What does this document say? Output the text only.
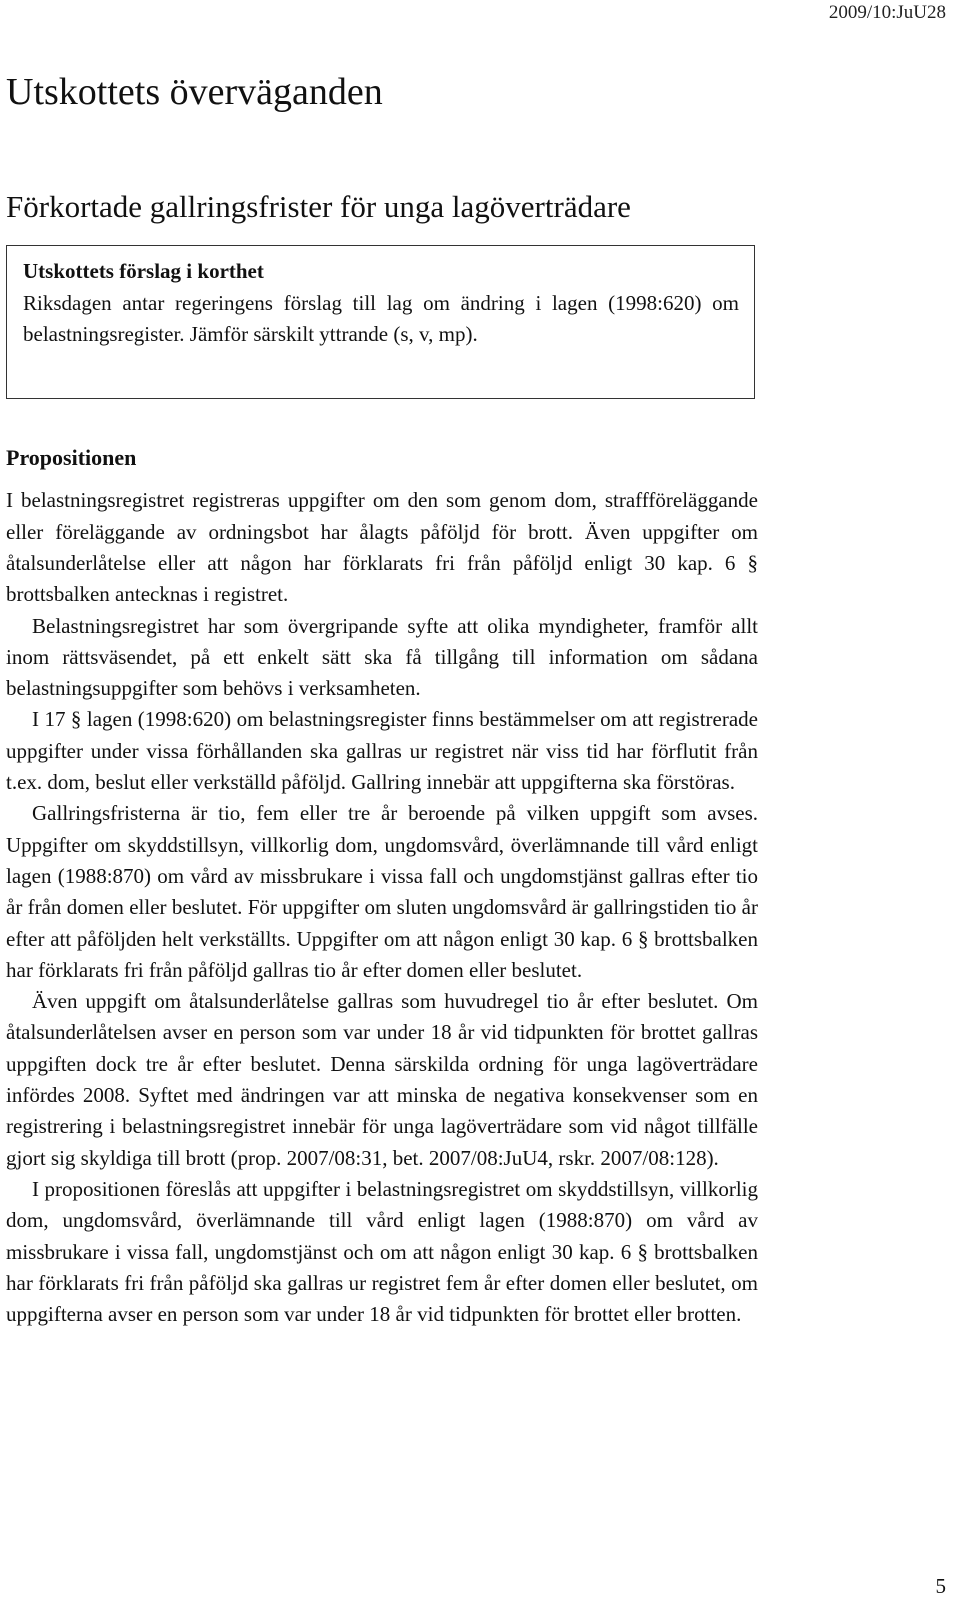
2009/10:JuU28
Utskottets överväganden
Förkortade gallringsfrister för unga lagöverträdare
Utskottets förslag i korthet
Riksdagen antar regeringens förslag till lag om ändring i lagen (1998:620) om belastningsregister. Jämför särskilt yttrande (s, v, mp).
Propositionen

I belastningsregistret registreras uppgifter om den som genom dom, straffföreläggande eller föreläggande av ordningsbot har ålagts påföljd för brott. Även uppgifter om åtalsunderlåtelse eller att någon har förklarats fri från påföljd enligt 30 kap. 6 § brottsbalken antecknas i registret.

Belastningsregistret har som övergripande syfte att olika myndigheter, framför allt inom rättsväsendet, på ett enkelt sätt ska få tillgång till information om sådana belastningsuppgifter som behövs i verksamheten.

I 17 § lagen (1998:620) om belastningsregister finns bestämmelser om att registrerade uppgifter under vissa förhållanden ska gallras ur registret när viss tid har förflutit från t.ex. dom, beslut eller verkställd påföljd. Gallring innebär att uppgifterna ska förstöras.

Gallringsfristerna är tio, fem eller tre år beroende på vilken uppgift som avses. Uppgifter om skyddstillsyn, villkorlig dom, ungdomsvård, överlämnande till vård enligt lagen (1988:870) om vård av missbrukare i vissa fall och ungdomstjänst gallras efter tio år från domen eller beslutet. För uppgifter om sluten ungdomsvård är gallringstiden tio år efter att påföljden helt verkställts. Uppgifter om att någon enligt 30 kap. 6 § brottsbalken har förklarats fri från påföljd gallras tio år efter domen eller beslutet.

Även uppgift om åtalsunderlåtelse gallras som huvudregel tio år efter beslutet. Om åtalsunderlåtelsen avser en person som var under 18 år vid tidpunkten för brottet gallras uppgiften dock tre år efter beslutet. Denna särskilda ordning för unga lagöverträdare infördes 2008. Syftet med ändringen var att minska de negativa konsekvenser som en registrering i belastningsregistret innebär för unga lagöverträdare som vid något tillfälle gjort sig skyldiga till brott (prop. 2007/08:31, bet. 2007/08:JuU4, rskr. 2007/08:128).

I propositionen föreslås att uppgifter i belastningsregistret om skyddstillsyn, villkorlig dom, ungdomsvård, överlämnande till vård enligt lagen (1988:870) om vård av missbrukare i vissa fall, ungdomstjänst och om att någon enligt 30 kap. 6 § brottsbalken har förklarats fri från påföljd ska gallras ur registret fem år efter domen eller beslutet, om uppgifterna avser en person som var under 18 år vid tidpunkten för brottet eller brotten.

5
